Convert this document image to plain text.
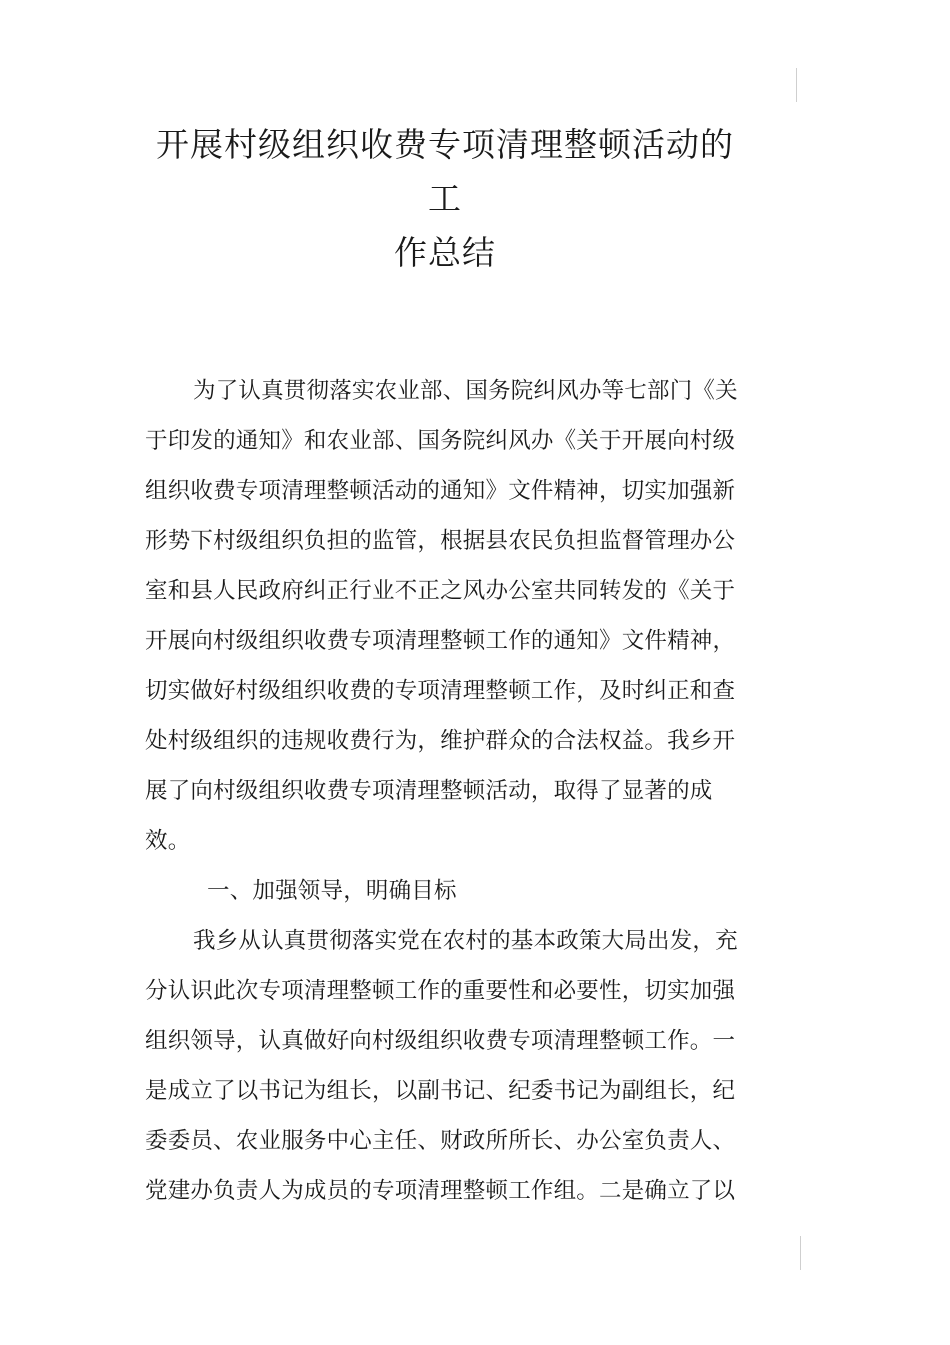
开展村级组织收费专项清理整顿活动的工
作总结
为了认真贯彻落实农业部、国务院纠风办等七部门《关
于印发的通知》和农业部、国务院纠风办《关于开展向村级
组织收费专项清理整顿活动的通知》文件精神，切实加强新
形势下村级组织负担的监管，根据县农民负担监督管理办公
室和县人民政府纠正行业不正之风办公室共同转发的《关于
开展向村级组织收费专项清理整顿工作的通知》文件精神，
切实做好村级组织收费的专项清理整顿工作，及时纠正和查
处村级组织的违规收费行为，维护群众的合法权益。我乡开
展了向村级组织收费专项清理整顿活动，取得了显著的成
效。
一、加强领导，明确目标
我乡从认真贯彻落实党在农村的基本政策大局出发，充
分认识此次专项清理整顿工作的重要性和必要性，切实加强
组织领导，认真做好向村级组织收费专项清理整顿工作。一
是成立了以书记为组长，以副书记、纪委书记为副组长，纪
委委员、农业服务中心主任、财政所所长、办公室负责人、
党建办负责人为成员的专项清理整顿工作组。二是确立了以
